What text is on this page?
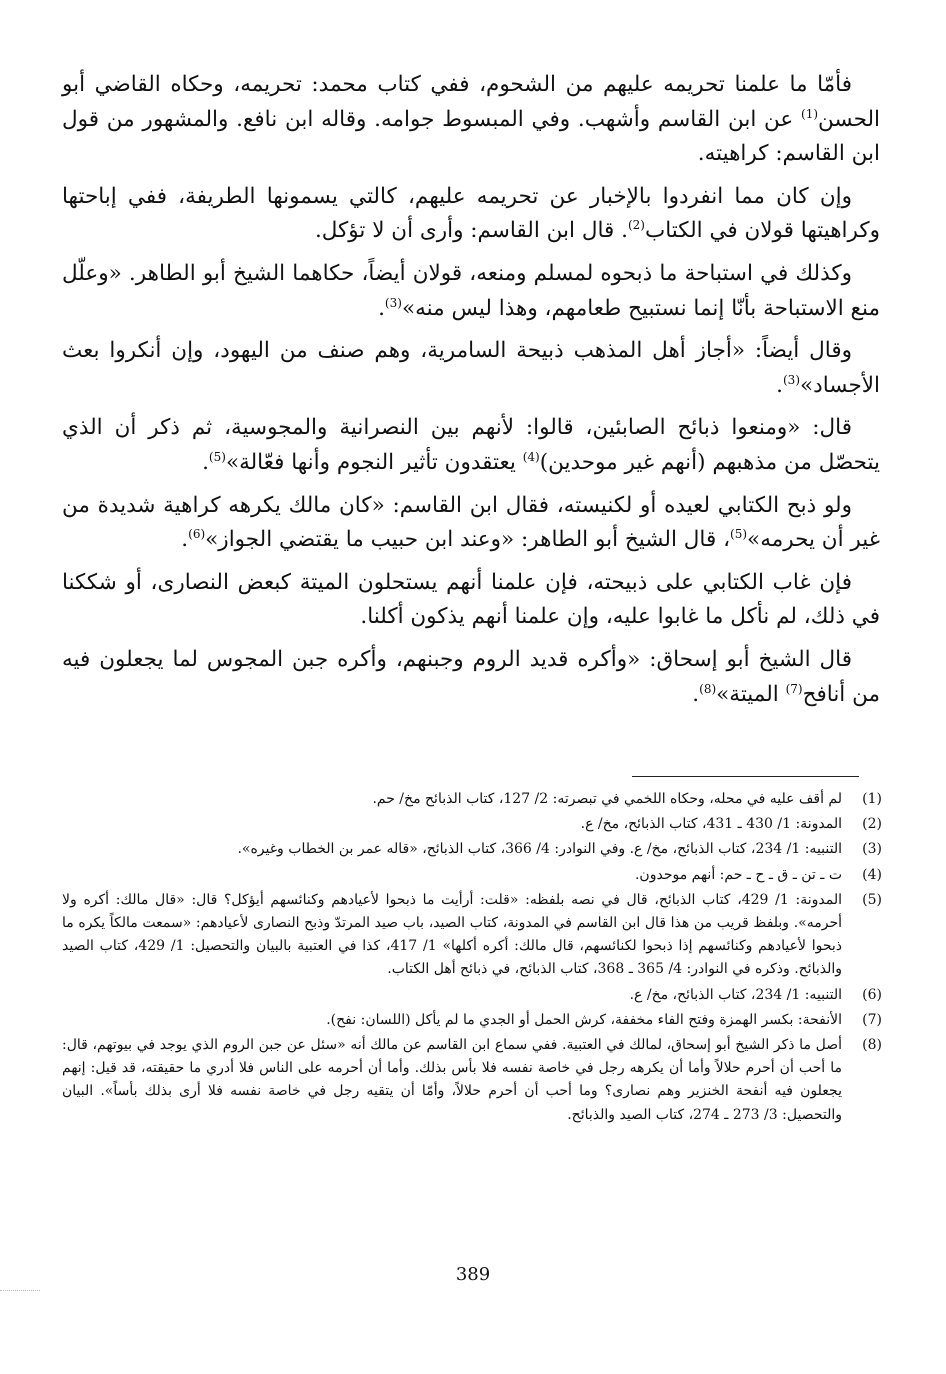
فأمّا ما علمنا تحريمه عليهم من الشحوم، ففي كتاب محمد: تحريمه، وحكاه القاضي أبو الحسن$^{(1)}$ عن ابن القاسم وأشهب. وفي المبسوط جوامه. وقاله ابن نافع. والمشهور من قول ابن القاسم: كراهيته.

وإن كان مما انفردوا بالإخبار عن تحريمه عليهم، كالتي يسمونها الطريفة، ففي إباحتها وكراهيتها قولان في الكتاب$^{(2)}$. قال ابن القاسم: وأرى أن لا تؤكل.

وكذلك في استباحة ما ذبحوه لمسلم ومنعه، قولان أيضاً، حكاهما الشيخ أبو الطاهر. «وعلّل منع الاستباحة بأنّا إنما نستبيح طعامهم، وهذا ليس منه»$^{(3)}$.

وقال أيضاً: «أجاز أهل المذهب ذبيحة السامرية، وهم صنف من اليهود، وإن أنكروا بعث الأجساد»$^{(3)}$.

قال: «ومنعوا ذبائح الصابئين، قالوا: لأنهم بين النصرانية والمجوسية، ثم ذكر أن الذي يتحصّل من مذهبهم (أنهم غير موحدين)$^{(4)}$ يعتقدون تأثير النجوم وأنها فعّالة»$^{(5)}$.

ولو ذبح الكتابي لعيده أو لكنيسته، فقال ابن القاسم: «كان مالك يكرهه كراهية شديدة من غير أن يحرمه»$^{(5)}$، قال الشيخ أبو الطاهر: «وعند ابن حبيب ما يقتضي الجواز»$^{(6)}$.

فإن غاب الكتابي على ذبيحته، فإن علمنا أنهم يستحلون الميتة كبعض النصارى، أو شككنا في ذلك، لم نأكل ما غابوا عليه، وإن علمنا أنهم يذكون أكلنا.

قال الشيخ أبو إسحاق: «وأكره قديد الروم وجبنهم، وأكره جبن المجوس لما يجعلون فيه من أنافح$^{(7)}$ الميتة»$^{(8)}$.

(1)
لم أقف عليه في محله، وحكاه اللخمي في تبصرته: 2/ 127، كتاب الذبائح مخ/ حم.
(2)
المدونة: 1/ 430 ـ 431، كتاب الذبائح، مخ/ ع.
(3)
التنبيه: 1/ 234، كتاب الذبائح، مخ/ ع. وفي النوادر: 4/ 366، كتاب الذبائح، «قاله عمر بن الخطاب وغيره».
(4)
ت ـ تن ـ ق ـ ح ـ حم: أنهم موحدون.
(5)
المدونة: 1/ 429، كتاب الذبائح، قال في نصه بلفظه: «قلت: أرأيت ما ذبحوا لأعيادهم وكنائسهم أيؤكل؟ قال: «قال مالك: أكره ولا أحرمه». وبلفظ قريب من هذا قال ابن القاسم في المدونة، كتاب الصيد، باب صيد المرتدّ وذبح النصارى لأعيادهم: «سمعت مالكاً يكره ما ذبحوا لأعيادهم وكنائسهم إذا ذبحوا لكنائسهم، قال مالك: أكره أكلها» 1/ 417، كذا في العتبية بالبيان والتحصيل: 1/ 429، كتاب الصيد والذبائح. وذكره في النوادر: 4/ 365 ـ 368، كتاب الذبائح، في ذبائح أهل الكتاب.
(6)
التنبيه: 1/ 234، كتاب الذبائح، مخ/ ع.
(7)
الأنفحة: بكسر الهمزة وفتح الفاء مخففة، كرش الحمل أو الجدي ما لم يأكل (اللسان: نفح).
(8)
أصل ما ذكر الشيخ أبو إسحاق، لمالك في العتبية. ففي سماع ابن القاسم عن مالك أنه «سئل عن جبن الروم الذي يوجد في بيوتهم، قال: ما أحب أن أحرم حلالاً وأما أن يكرهه رجل في خاصة نفسه فلا بأس بذلك. وأما أن أحرمه على الناس فلا أدري ما حقيقته، قد قيل: إنهم يجعلون فيه أنفحة الخنزير وهم نصارى؟ وما أحب أن أحرم حلالاً، وأمّا أن يتقيه رجل في خاصة نفسه فلا أرى بذلك بأساً». البيان والتحصيل: 3/ 273 ـ 274، كتاب الصيد والذبائح.
389
